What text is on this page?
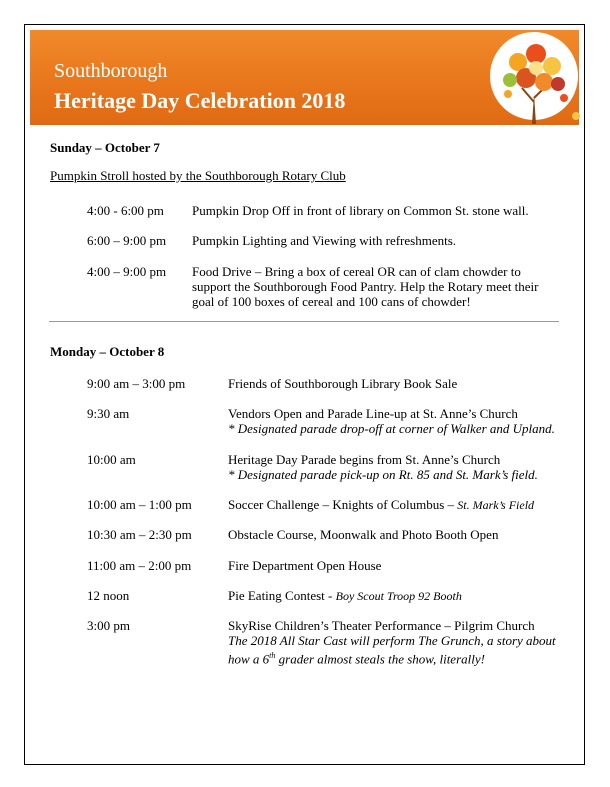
Southborough
Heritage Day Celebration 2018
Sunday – October 7
Pumpkin Stroll hosted by the Southborough Rotary Club
4:00 - 6:00 pm Pumpkin Drop Off in front of library on Common St. stone wall.
6:00 – 9:00 pm Pumpkin Lighting and Viewing with refreshments.
4:00 – 9:00 pm Food Drive – Bring a box of cereal OR can of clam chowder to support the Southborough Food Pantry. Help the Rotary meet their goal of 100 boxes of cereal and 100 cans of chowder!
Monday – October 8
9:00 am – 3:00 pm	Friends of Southborough Library Book Sale
9:30 am	Vendors Open and Parade Line-up at St. Anne’s Church
* Designated parade drop-off at corner of Walker and Upland.
10:00 am	Heritage Day Parade begins from St. Anne’s Church
* Designated parade pick-up on Rt. 85 and St. Mark’s field.
10:00 am – 1:00 pm	Soccer Challenge – Knights of Columbus – St. Mark’s Field
10:30 am – 2:30 pm	Obstacle Course, Moonwalk and Photo Booth Open
11:00 am – 2:00 pm	Fire Department Open House
12 noon	Pie Eating Contest - Boy Scout Troop 92 Booth
3:00 pm	SkyRise Children’s Theater Performance – Pilgrim Church
The 2018 All Star Cast will perform The Grunch, a story about
how a 6th grader almost steals the show, literally!
